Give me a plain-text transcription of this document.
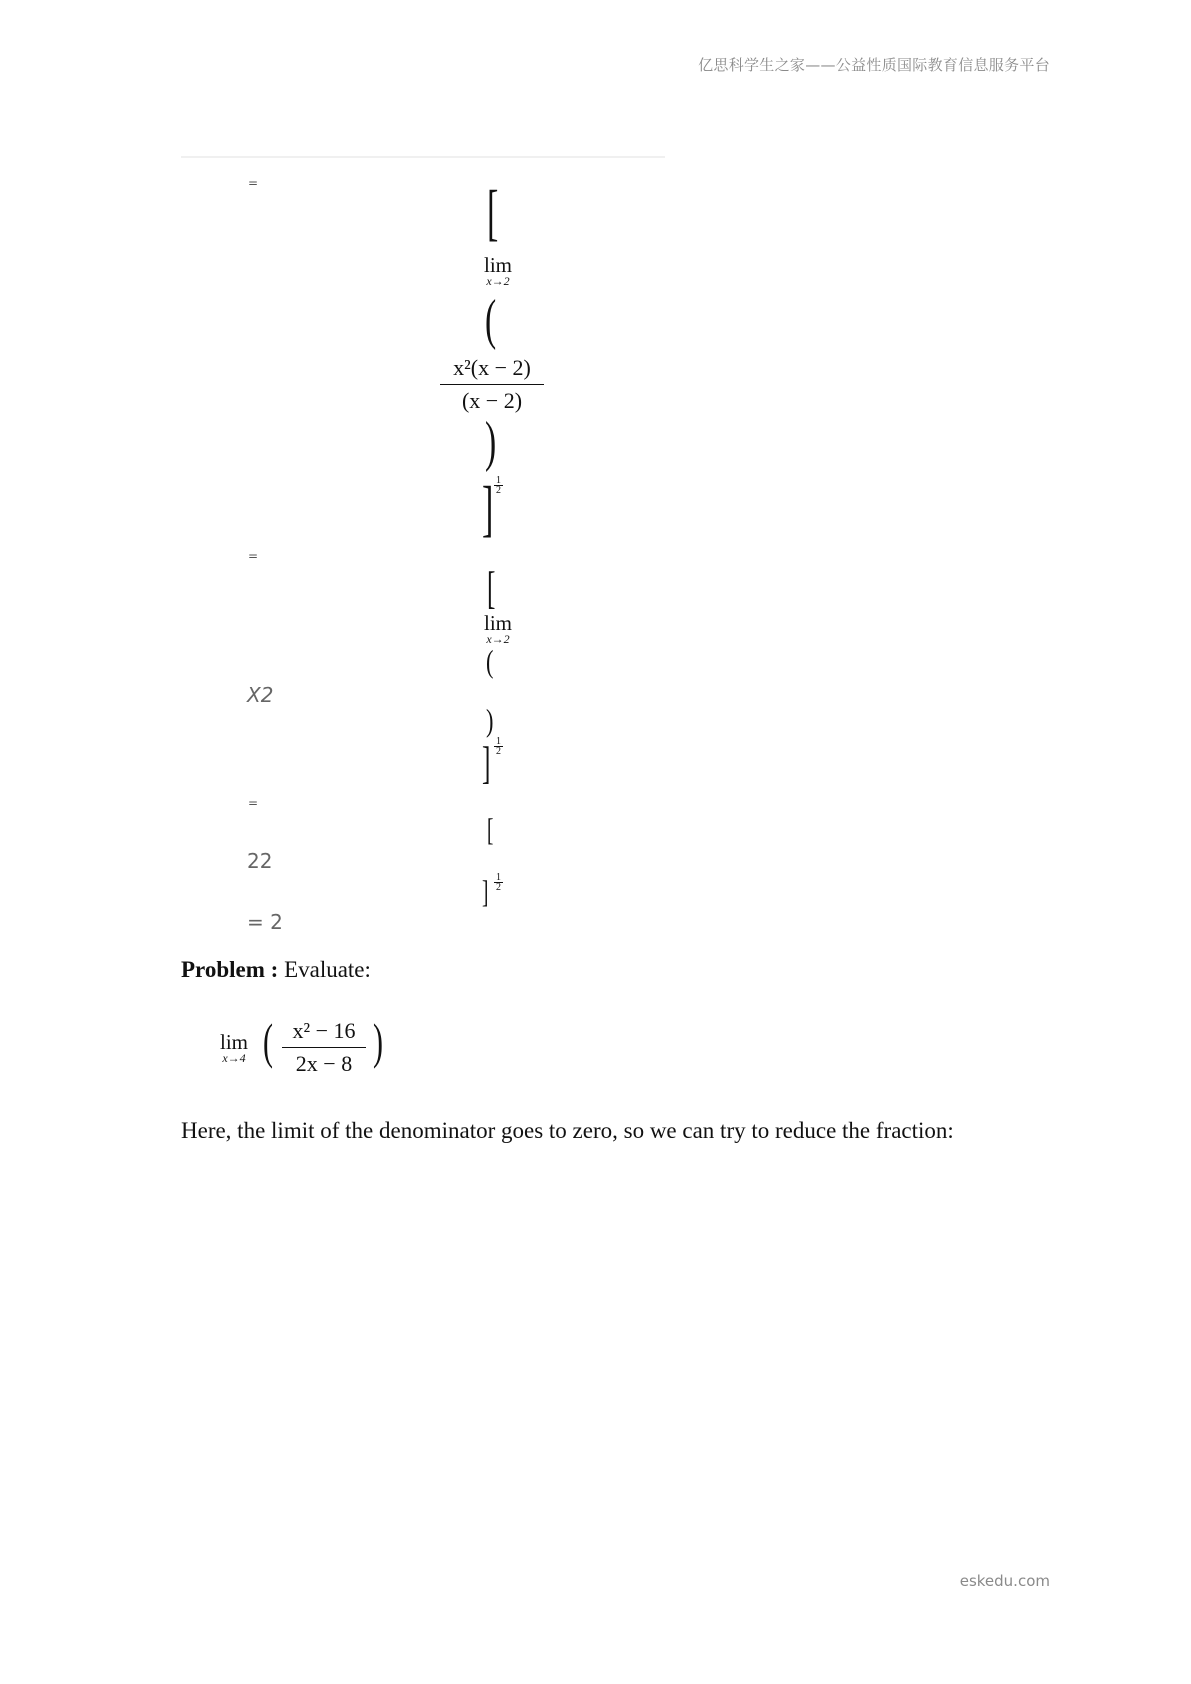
亿思科学生之家——公益性质国际教育信息服务平台
=	[
lim
x→2
(
$\frac{\text{x²(x − 2)}}{(x - 2)}$
)
] 1
2
=
[
lim
x→2
(
X2
)
] 1
2
=
[
22
] 1
2
= 2
Problem : Evaluate:
lim
x→4 ( $\frac{\text{x² − 16}}{2x - 8}$ )
Here, the limit of the denominator goes to zero, so we can try to reduce the fraction:
eskedu.com
